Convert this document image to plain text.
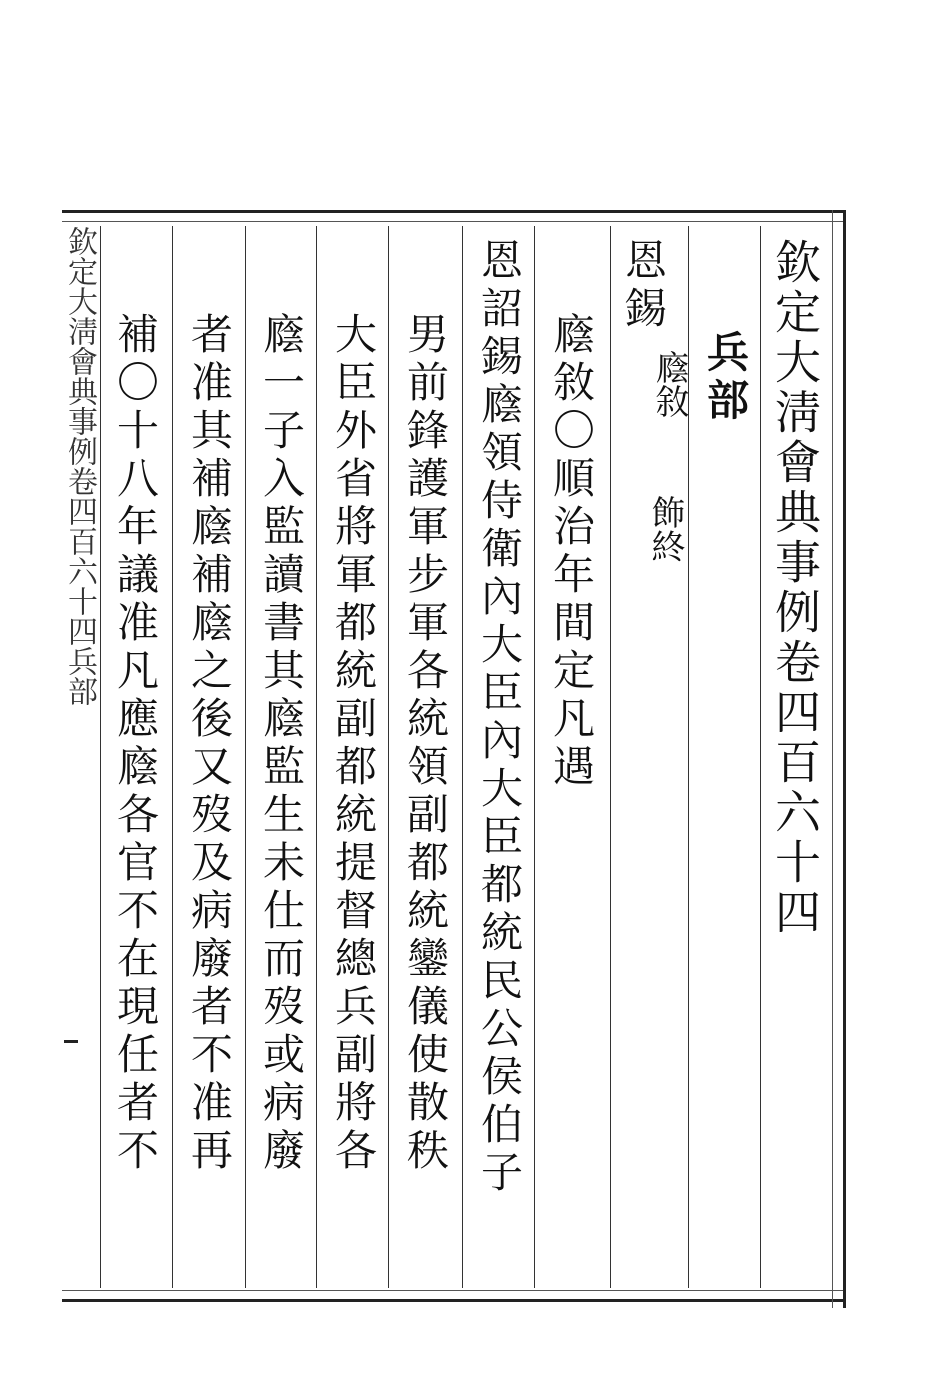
欽定大淸會典事例卷四百六十四
兵部
恩錫
廕敘
飾終
恩詔錫廕領侍衛內大臣內大臣都統民公侯伯子 廕敘〇順治年間定凡遇
男前鋒護軍步軍各統領副都統鑾儀使散秩
大臣外省將軍都統副都統提督總兵副將各
廕一子入監讀書其廕監生未仕而歿或病廢
者准其補廕補廕之後又歿及病廢者不准再
補〇十八年議准凡應廕各官不在現任者不
欽定大淸會典事例卷四百六十四兵部
